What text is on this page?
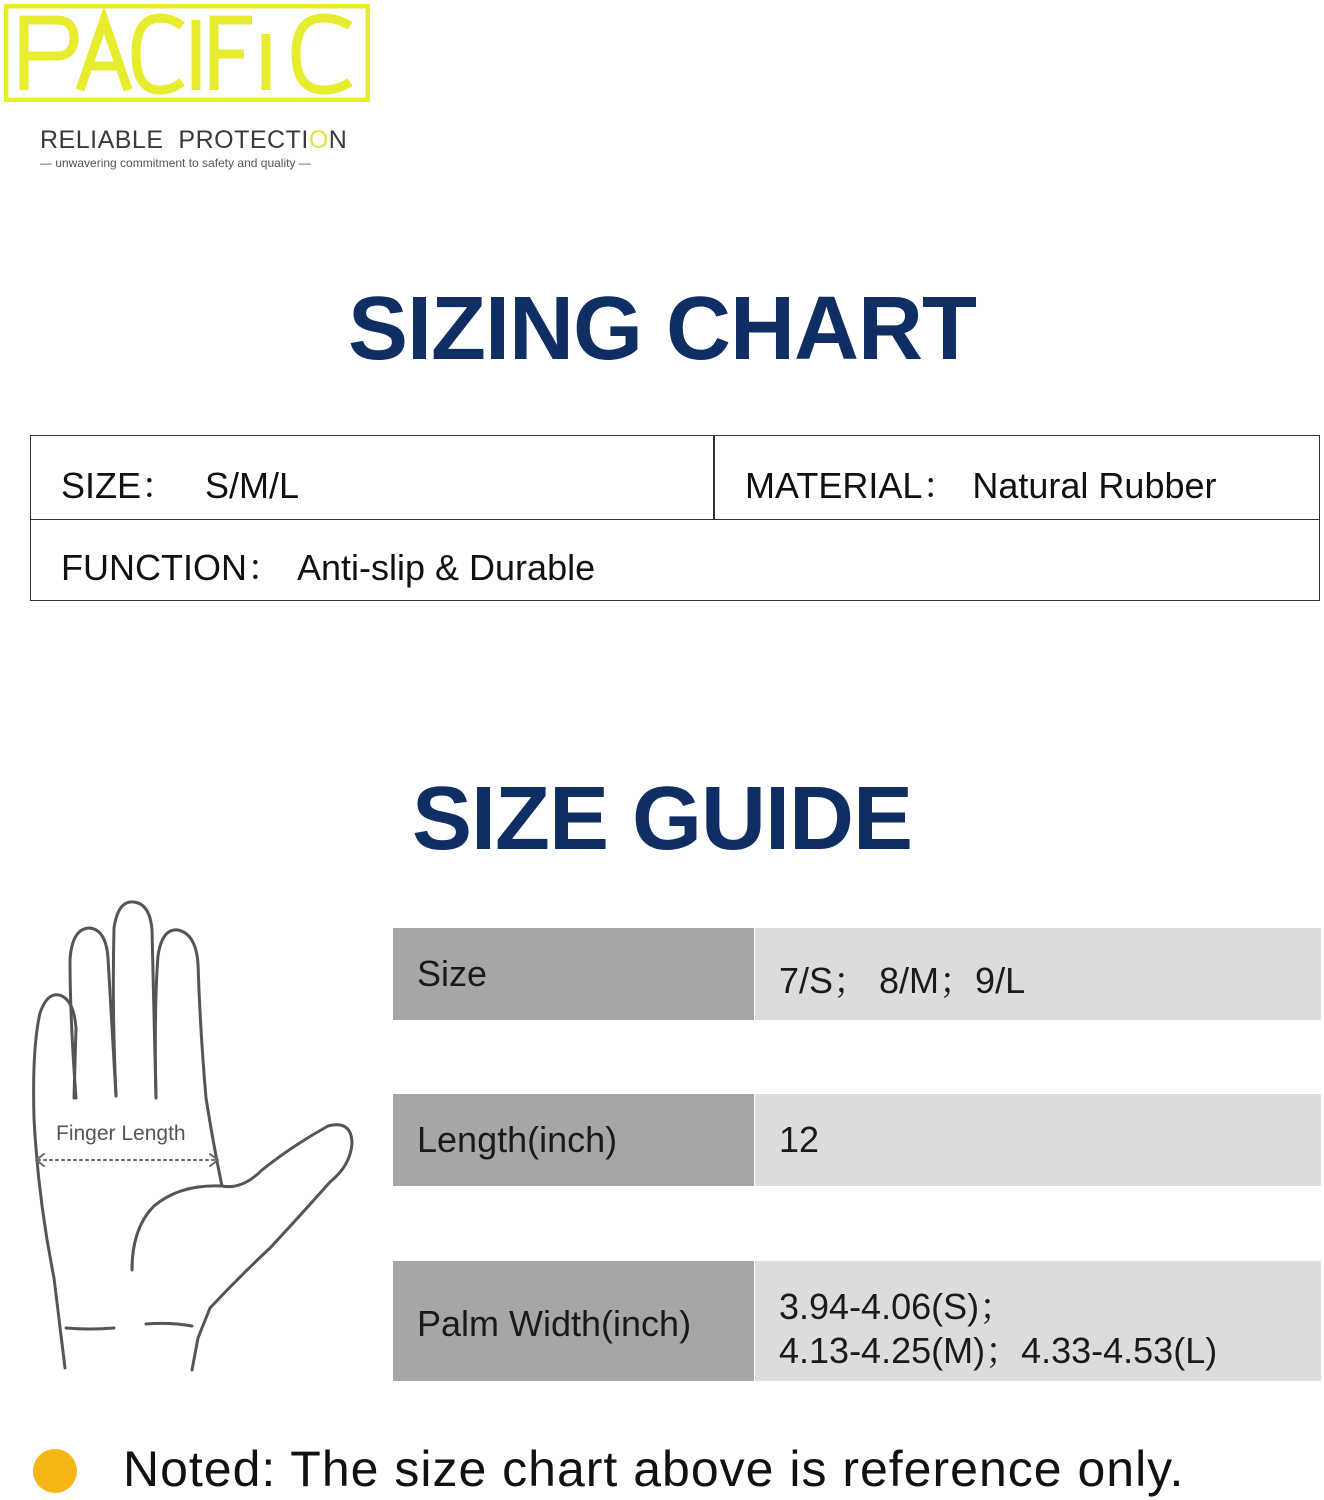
RELIABLE PROTECTION
— unwavering commitment to safety and quality —
SIZING CHART
SIZE： S/M/L	MATERIAL： Natural Rubber
FUNCTION： Anti-slip & Durable
SIZE GUIDE
Finger Length
Size	7/S； 8/M；9/L
Length(inch)	12
Palm Width(inch) 3.94-4.06(S)；
4.13-4.25(M)；4.33-4.53(L)
Noted: The size chart above is reference only.
